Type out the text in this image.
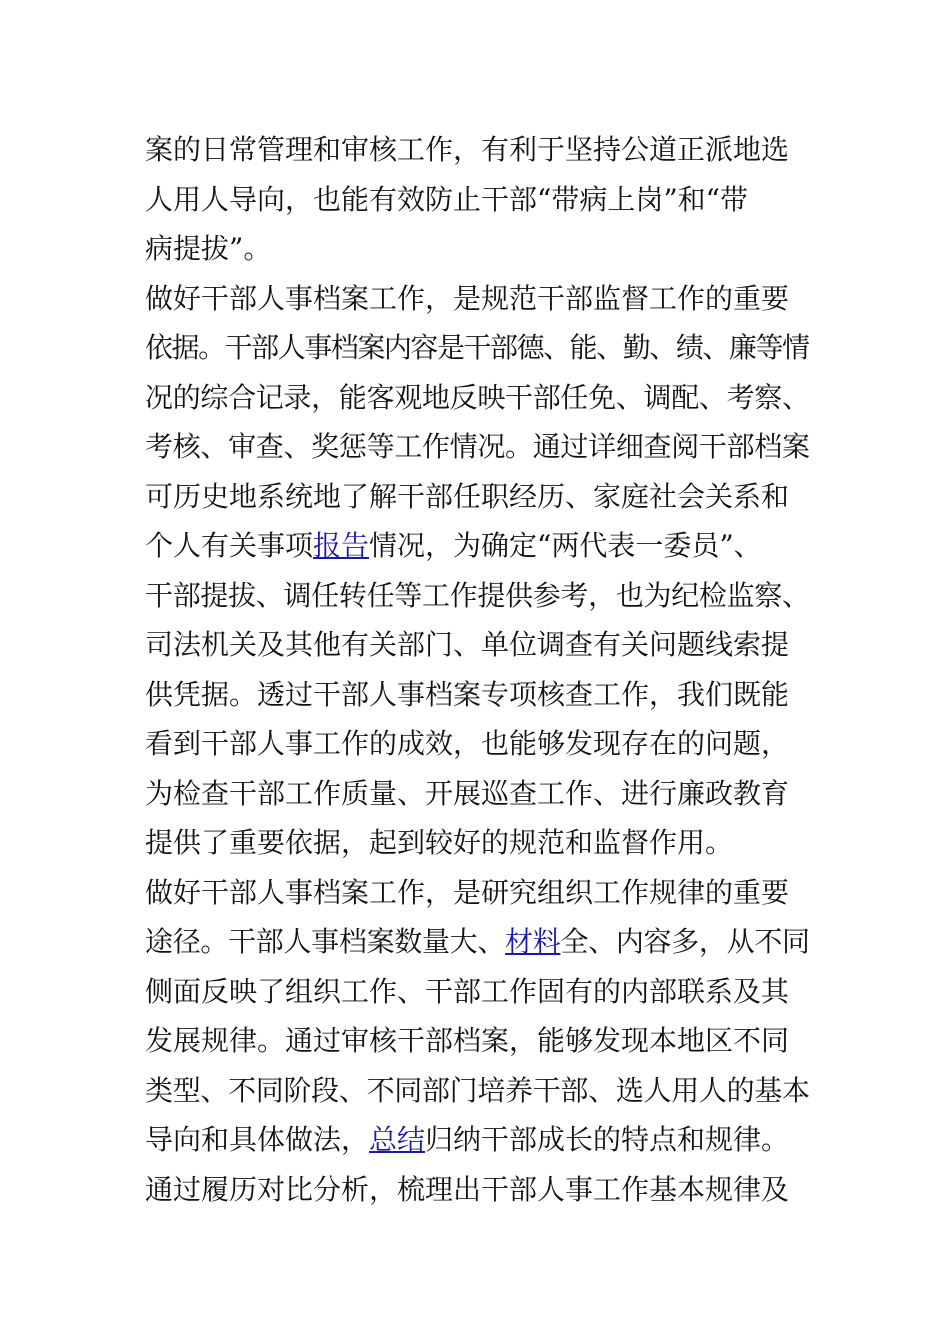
案的日常管理和审核工作，有利于坚持公道正派地选
人用人导向，也能有效防止干部“带病上岗”和“带
病提拔”。
做好干部人事档案工作，是规范干部监督工作的重要
依据。干部人事档案内容是干部德、能、勤、绩、廉等情
况的综合记录，能客观地反映干部任免、调配、考察、
考核、审查、奖惩等工作情况。通过详细查阅干部档案
可历史地系统地了解干部任职经历、家庭社会关系和
个人有关事项报告情况，为确定“两代表一委员”、
干部提拔、调任转任等工作提供参考，也为纪检监察、
司法机关及其他有关部门、单位调查有关问题线索提
供凭据。透过干部人事档案专项核查工作，我们既能
看到干部人事工作的成效，也能够发现存在的问题，
为检查干部工作质量、开展巡查工作、进行廉政教育
提供了重要依据，起到较好的规范和监督作用。
做好干部人事档案工作，是研究组织工作规律的重要
途径。干部人事档案数量大、材料全、内容多，从不同
侧面反映了组织工作、干部工作固有的内部联系及其
发展规律。通过审核干部档案，能够发现本地区不同
类型、不同阶段、不同部门培养干部、选人用人的基本
导向和具体做法，总结归纳干部成长的特点和规律。
通过履历对比分析，梳理出干部人事工作基本规律及
